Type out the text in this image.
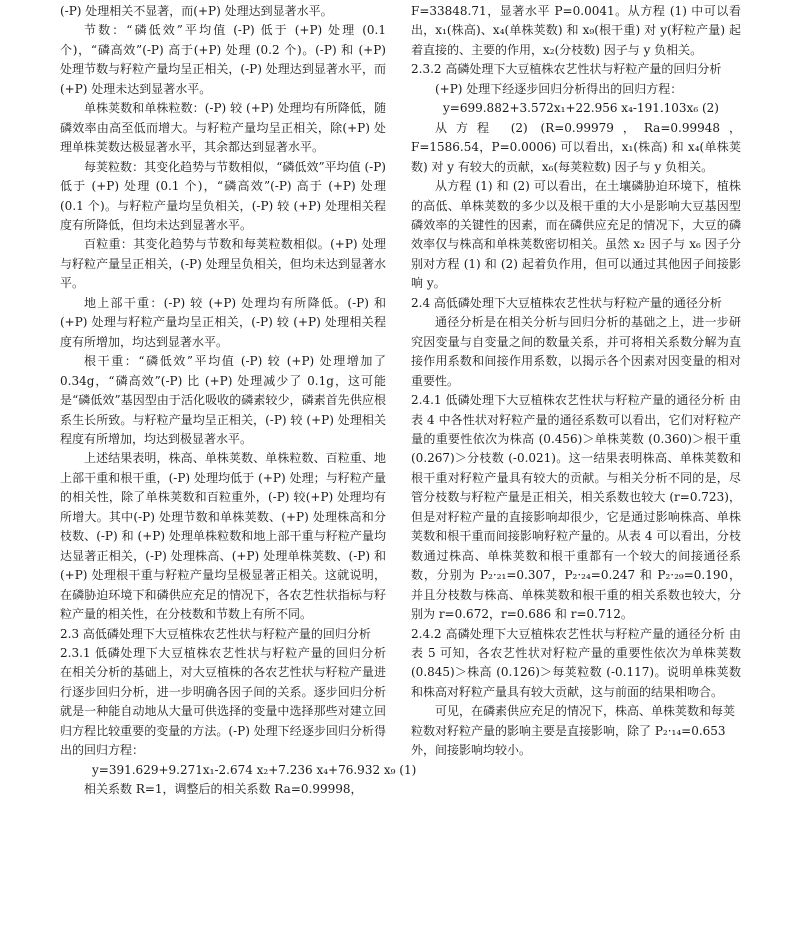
(-P) 处理相关不显著，而(+P) 处理达到显著水平。

节数：“磷低效”平均值 (-P) 低于 (+P) 处理 (0.1 个)，“磷高效”(-P) 高于(+P) 处理 (0.2 个)。(-P) 和 (+P) 处理节数与籽粒产量均呈正相关，(-P) 处理达到显著水平，而(+P) 处理未达到显著水平。

单株荚数和单株粒数：(-P) 较 (+P) 处理均有所降低，随磷效率由高至低而增大。与籽粒产量均呈正相关，除(+P) 处理单株荚数达极显著水平，其余都达到显著水平。

每荚粒数：其变化趋势与节数相似，“磷低效”平均值 (-P) 低于 (+P) 处理 (0.1 个)，“磷高效”(-P) 高于 (+P) 处理 (0.1 个)。与籽粒产量均呈负相关，(-P) 较 (+P) 处理相关程度有所降低，但均未达到显著水平。

百粒重：其变化趋势与节数和每荚粒数相似。(+P) 处理与籽粒产量呈正相关，(-P) 处理呈负相关，但均未达到显著水平。

地上部干重：(-P) 较 (+P) 处理均有所降低。(-P) 和 (+P) 处理与籽粒产量均呈正相关，(-P) 较 (+P) 处理相关程度有所增加，均达到显著水平。

根干重：“磷低效”平均值 (-P) 较 (+P) 处理增加了 0.34g，“磷高效”(-P) 比 (+P) 处理减少了 0.1g，这可能是“磷低效”基因型由于活化吸收的磷素较少，磷素首先供应根系生长所致。与籽粒产量均呈正相关，(-P) 较 (+P) 处理相关程度有所增加，均达到极显著水平。

上述结果表明，株高、单株荚数、单株粒数、百粒重、地上部干重和根干重，(-P) 处理均低于 (+P) 处理；与籽粒产量的相关性，除了单株荚数和百粒重外，(-P) 较(+P) 处理均有所增大。其中(-P) 处理节数和单株荚数、(+P) 处理株高和分枝数、(-P) 和 (+P) 处理单株粒数和地上部干重与籽粒产量均达显著正相关，(-P) 处理株高、(+P) 处理单株荚数、(-P) 和 (+P) 处理根干重与籽粒产量均呈极显著正相关。这就说明，在磷胁迫环境下和磷供应充足的情况下，各农艺性状指标与籽粒产量的相关性，在分枝数和节数上有所不同。

2.3 高低磷处理下大豆植株农艺性状与籽粒产量的回归分析

2.3.1 低磷处理下大豆植株农艺性状与籽粒产量的回归分析 在相关分析的基础上，对大豆植株的各农艺性状与籽粒产量进行逐步回归分析，进一步明确各因子间的关系。逐步回归分析就是一种能自动地从大量可供选择的变量中选择那些对建立回归方程比较重要的变量的方法。(-P) 处理下经逐步回归分析得出的回归方程：

y=391.629+9.271x₁-2.674 x₂+7.236 x₄+76.932 x₉ (1)

相关系数 R=1，调整后的相关系数 Ra=0.99998，

F=33848.71，显著水平 P=0.0041。从方程 (1) 中可以看出，x₁(株高)、x₄(单株荚数) 和 x₉(根干重) 对 y(籽粒产量) 起着直接的、主要的作用，x₂(分枝数) 因子与 y 负相关。

2.3.2 高磷处理下大豆植株农艺性状与籽粒产量的回归分析

(+P) 处理下经逐步回归分析得出的回归方程：

y=699.882+3.572x₁+22.956 x₄-191.103x₆ (2)

从方程 (2) (R=0.99979，Ra=0.99948，F=1586.54，P=0.0006) 可以看出，x₁(株高) 和 x₄(单株荚数) 对 y 有较大的贡献，x₆(每荚粒数) 因子与 y 负相关。

从方程 (1) 和 (2) 可以看出，在土壤磷胁迫环境下，植株的高低、单株荚数的多少以及根干重的大小是影响大豆基因型磷效率的关键性的因素，而在磷供应充足的情况下，大豆的磷效率仅与株高和单株荚数密切相关。虽然 x₂ 因子与 x₆ 因子分别对方程 (1) 和 (2) 起着负作用，但可以通过其他因子间接影响 y。

2.4 高低磷处理下大豆植株农艺性状与籽粒产量的通径分析

通径分析是在相关分析与回归分析的基础之上，进一步研究因变量与自变量之间的数量关系，并可将相关系数分解为直接作用系数和间接作用系数，以揭示各个因素对因变量的相对重要性。

2.4.1 低磷处理下大豆植株农艺性状与籽粒产量的通径分析 由表 4 中各性状对籽粒产量的通径系数可以看出，它们对籽粒产量的重要性依次为株高 (0.456)＞单株荚数 (0.360)＞根干重 (0.267)＞分枝数 (-0.021)。这一结果表明株高、单株荚数和根干重对籽粒产量具有较大的贡献。与相关分析不同的是，尽管分枝数与籽粒产量是正相关，相关系数也较大 (r=0.723)，但是对籽粒产量的直接影响却很少，它是通过影响株高、单株荚数和根干重而间接影响籽粒产量的。从表 4 可以看出，分枝数通过株高、单株荚数和根干重都有一个较大的间接通径系数，分别为 P₂·₂₁=0.307，P₂·₂₄=0.247 和 P₂·₂₉=0.190，并且分枝数与株高、单株荚数和根干重的相关系数也较大，分别为 r=0.672，r=0.686 和 r=0.712。

2.4.2 高磷处理下大豆植株农艺性状与籽粒产量的通径分析 由表 5 可知，各农艺性状对籽粒产量的重要性依次为单株荚数 (0.845)＞株高 (0.126)＞每荚粒数 (-0.117)。说明单株荚数和株高对籽粒产量具有较大贡献，这与前面的结果相吻合。

可见，在磷素供应充足的情况下，株高、单株荚数和每荚粒数对籽粒产量的影响主要是直接影响，除了 P₂·₁₄=0.653 外，间接影响均较小。
